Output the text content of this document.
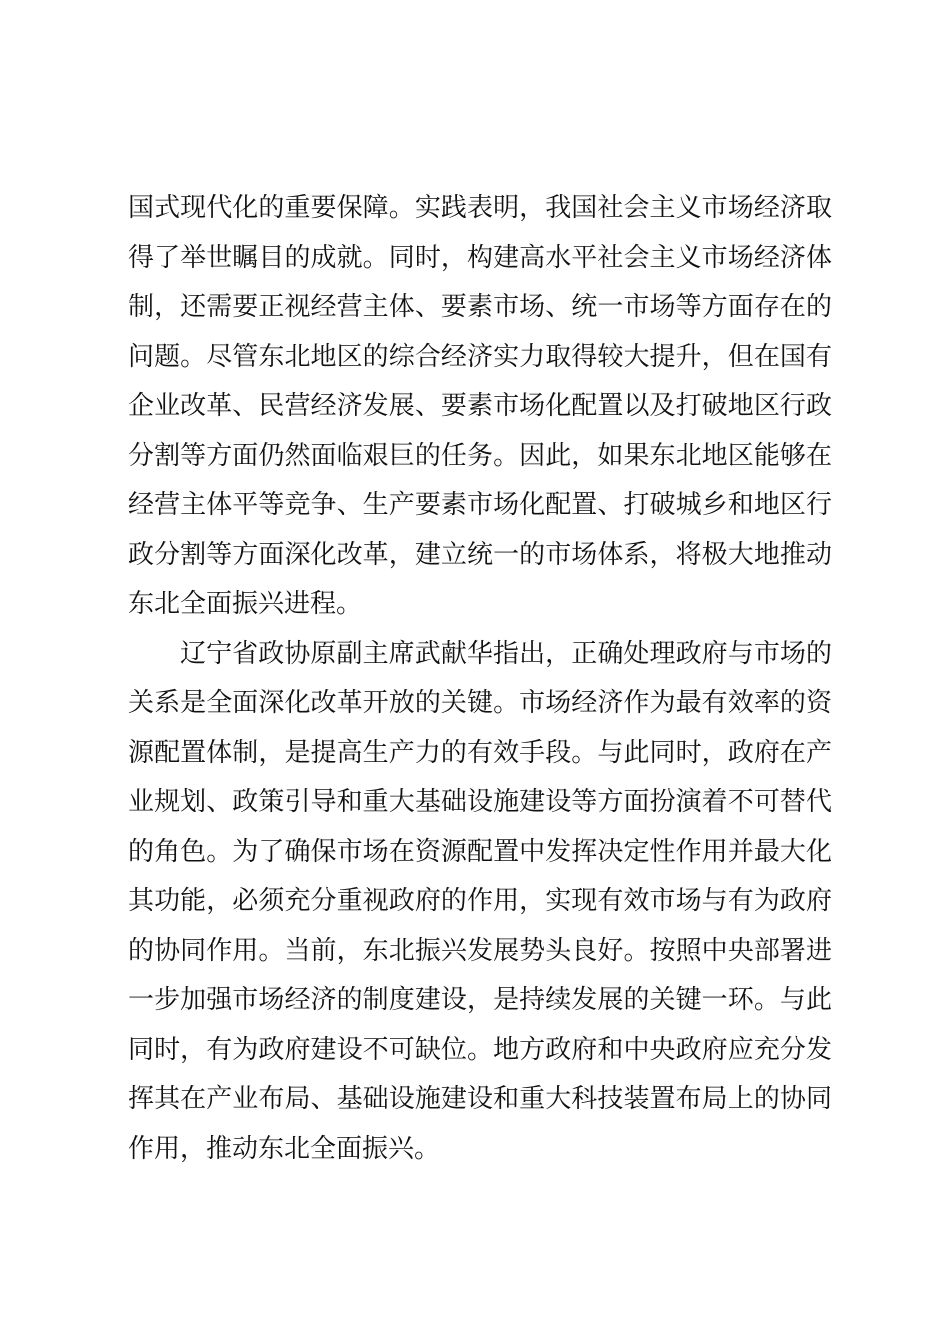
国式现代化的重要保障。实践表明，我国社会主义市场经济取
得了举世瞩目的成就。同时，构建高水平社会主义市场经济体
制，还需要正视经营主体、要素市场、统一市场等方面存在的
问题。尽管东北地区的综合经济实力取得较大提升，但在国有
企业改革、民营经济发展、要素市场化配置以及打破地区行政
分割等方面仍然面临艰巨的任务。因此，如果东北地区能够在
经营主体平等竞争、生产要素市场化配置、打破城乡和地区行
政分割等方面深化改革，建立统一的市场体系，将极大地推动
东北全面振兴进程。
辽宁省政协原副主席武献华指出，正确处理政府与市场的
关系是全面深化改革开放的关键。市场经济作为最有效率的资
源配置体制，是提高生产力的有效手段。与此同时，政府在产
业规划、政策引导和重大基础设施建设等方面扮演着不可替代
的角色。为了确保市场在资源配置中发挥决定性作用并最大化
其功能，必须充分重视政府的作用，实现有效市场与有为政府
的协同作用。当前，东北振兴发展势头良好。按照中央部署进
一步加强市场经济的制度建设，是持续发展的关键一环。与此
同时，有为政府建设不可缺位。地方政府和中央政府应充分发
挥其在产业布局、基础设施建设和重大科技装置布局上的协同
作用，推动东北全面振兴。
